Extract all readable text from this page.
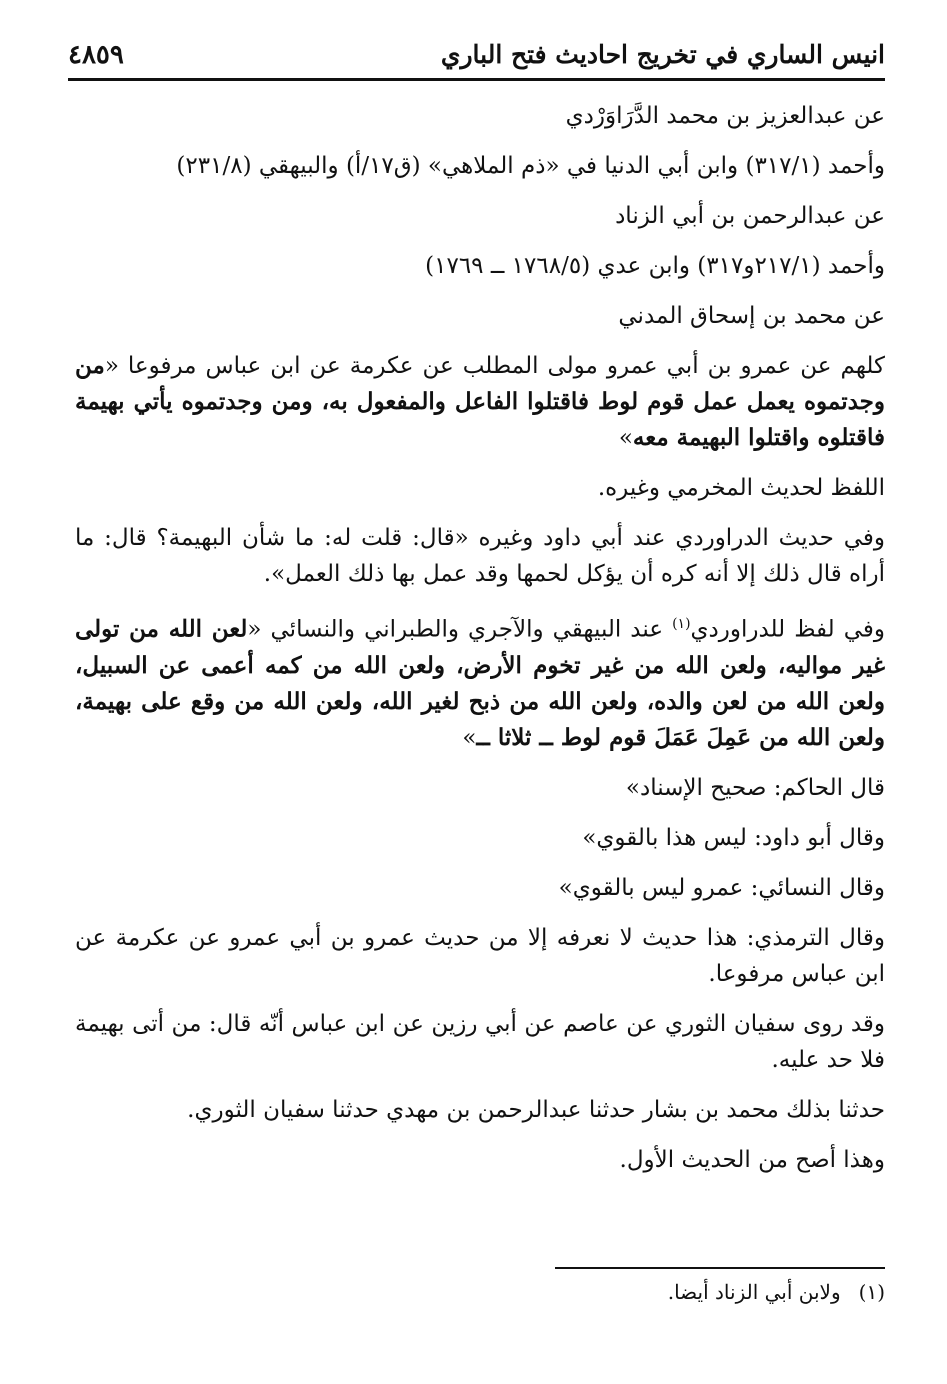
انيس الساري في تخريج احاديث فتح الباري
٤٨٥٩
عن عبدالعزيز بن محمد الدَّرَاوَرْدي
وأحمد (٣١٧/١) وابن أبي الدنيا في «ذم الملاهي» (ق١٧/أ) والبيهقي (٢٣١/٨)
عن عبدالرحمن بن أبي الزناد
وأحمد (٢١٧/١و٣١٧) وابن عدي (١٧٦٨/٥ ــ ١٧٦٩)
عن محمد بن إسحاق المدني

كلهم عن عمرو بن أبي عمرو مولى المطلب عن عكرمة عن ابن عباس مرفوعا «من وجدتموه يعمل عمل قوم لوط فاقتلوا الفاعل والمفعول به، ومن وجدتموه يأتي بهيمة فاقتلوه واقتلوا البهيمة معه»

اللفظ لحديث المخرمي وغيره.

وفي حديث الدراوردي عند أبي داود وغيره «قال: قلت له: ما شأن البهيمة؟ قال: ما أراه قال ذلك إلا أنه كره أن يؤكل لحمها وقد عمل بها ذلك العمل».

وفي لفظ للدراوردي$^{(١)}$ عند البيهقي والآجري والطبراني والنسائي «لعن الله من تولى غير مواليه، ولعن الله من غير تخوم الأرض، ولعن الله من كمه أعمى عن السبيل، ولعن الله من لعن والده، ولعن الله من ذبح لغير الله، ولعن الله من وقع على بهيمة، ولعن الله من عَمِلَ عَمَلَ قوم لوط ــ ثلاثا ــ»

قال الحاكم: صحيح الإسناد»
وقال أبو داود: ليس هذا بالقوي»
وقال النسائي: عمرو ليس بالقوي»

وقال الترمذي: هذا حديث لا نعرفه إلا من حديث عمرو بن أبي عمرو عن عكرمة عن ابن عباس مرفوعا.

وقد روى سفيان الثوري عن عاصم عن أبي رزين عن ابن عباس أنّه قال: من أتى بهيمة فلا حد عليه.

حدثنا بذلك محمد بن بشار حدثنا عبدالرحمن بن مهدي حدثنا سفيان الثوري.
وهذا أصح من الحديث الأول.
(١)ولابن أبي الزناد أيضا.
